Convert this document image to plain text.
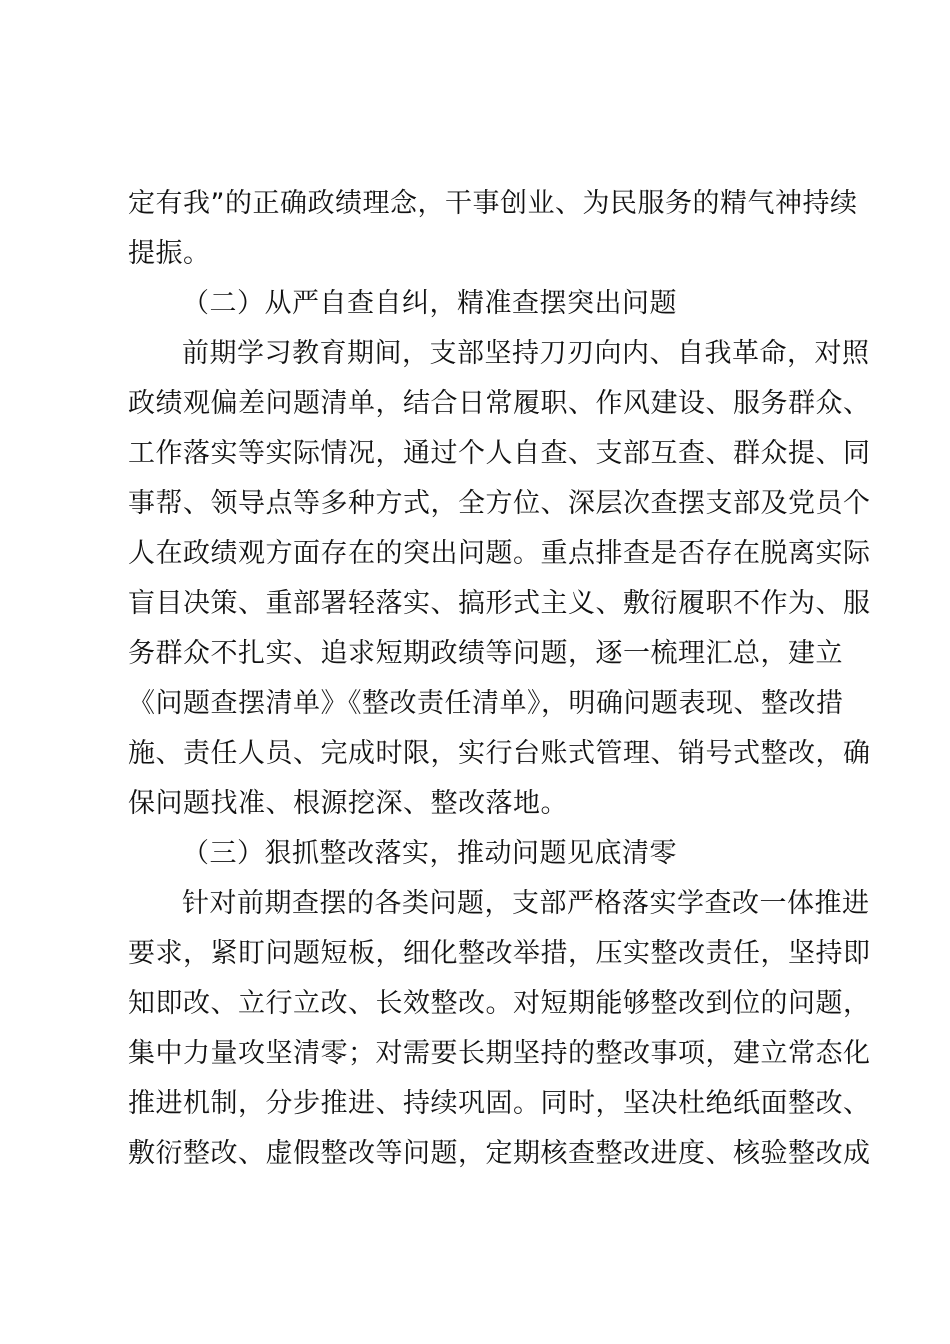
定有我”的正确政绩理念，干事创业、为民服务的精气神持续
提振。
（二）从严自查自纠，精准查摆突出问题
前期学习教育期间，支部坚持刀刃向内、自我革命，对照
政绩观偏差问题清单，结合日常履职、作风建设、服务群众、
工作落实等实际情况，通过个人自查、支部互查、群众提、同
事帮、领导点等多种方式，全方位、深层次查摆支部及党员个
人在政绩观方面存在的突出问题。重点排查是否存在脱离实际
盲目决策、重部署轻落实、搞形式主义、敷衍履职不作为、服
务群众不扎实、追求短期政绩等问题，逐一梳理汇总，建立
《问题查摆清单》《整改责任清单》，明确问题表现、整改措
施、责任人员、完成时限，实行台账式管理、销号式整改，确
保问题找准、根源挖深、整改落地。
（三）狠抓整改落实，推动问题见底清零
针对前期查摆的各类问题，支部严格落实学查改一体推进
要求，紧盯问题短板，细化整改举措，压实整改责任，坚持即
知即改、立行立改、长效整改。对短期能够整改到位的问题，
集中力量攻坚清零；对需要长期坚持的整改事项，建立常态化
推进机制，分步推进、持续巩固。同时，坚决杜绝纸面整改、
敷衍整改、虚假整改等问题，定期核查整改进度、核验整改成
